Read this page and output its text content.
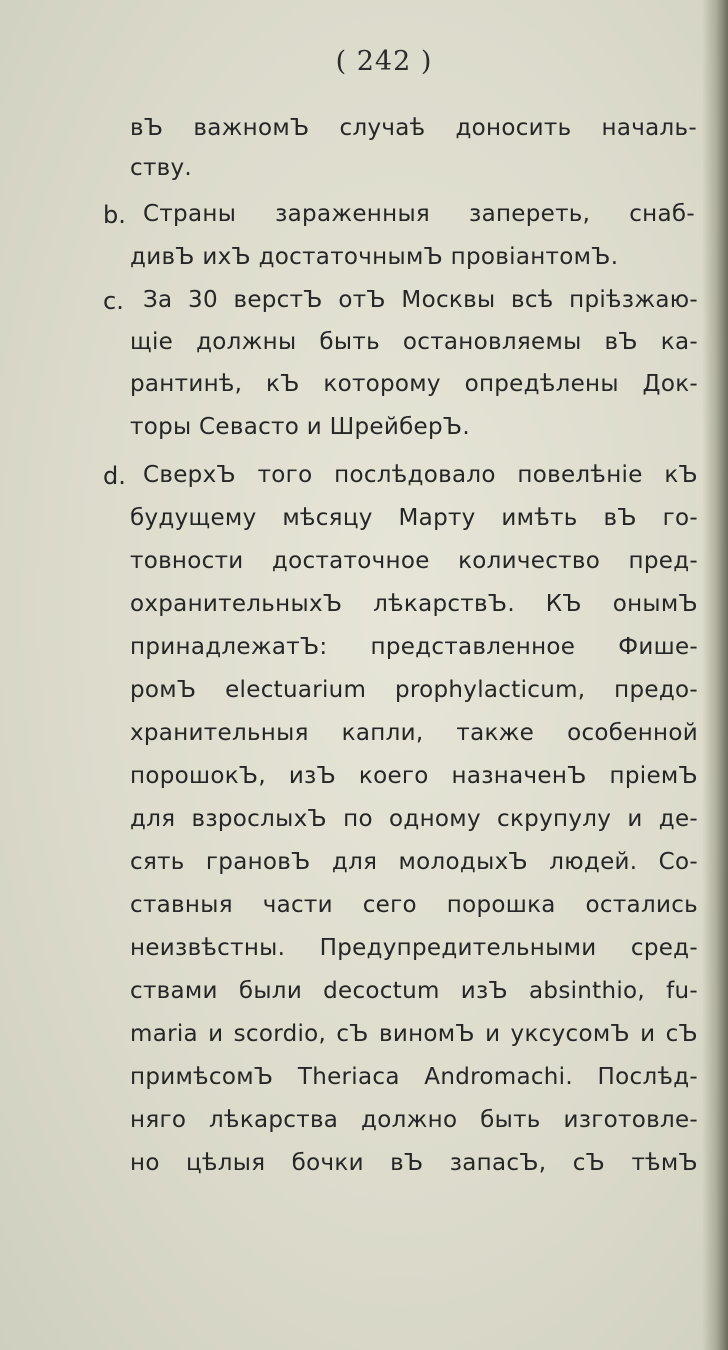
( 242 )
вЪ важномЪ случаѣ доносить началь-
ству.
b. Страны зараженныя запереть, снаб-
дивЪ ихЪ достаточнымЪ провіантомЪ.
c. За 30 верстЪ отЪ Москвы всѣ пріѣзжаю-
щіе должны быть остановляемы вЪ ка-
рантинѣ, кЪ которому опредѣлены Док-
торы Севасто и ШрейберЪ.
d. СверхЪ того послѣдовало повелѣніе кЪ
будущему мѣсяцу Марту имѣть вЪ го-
товности достаточное количество пред-
охранительныхЪ лѣкарствЪ. КЪ онымЪ
принадлежатЪ: представленное Фише-
ромЪ electuarium prophylacticum, предо-
хранительныя капли, также особенной
порошокЪ, изЪ коего назначенЪ пріемЪ
для взрослыхЪ по одному скрупулу и де-
сять грановЪ для молодыхЪ людей. Со-
ставныя части сего порошка остались
неизвѣстны. Предупредительными сред-
ствами были decoctum изЪ absinthio, fu-
maria и scordio, сЪ виномЪ и уксусомЪ и сЪ
примѣсомЪ Theriaca Andromachi. Послѣд-
няго лѣкарства должно быть изготовле-
но цѣлыя бочки вЪ запасЪ, сЪ тѣмЪ
